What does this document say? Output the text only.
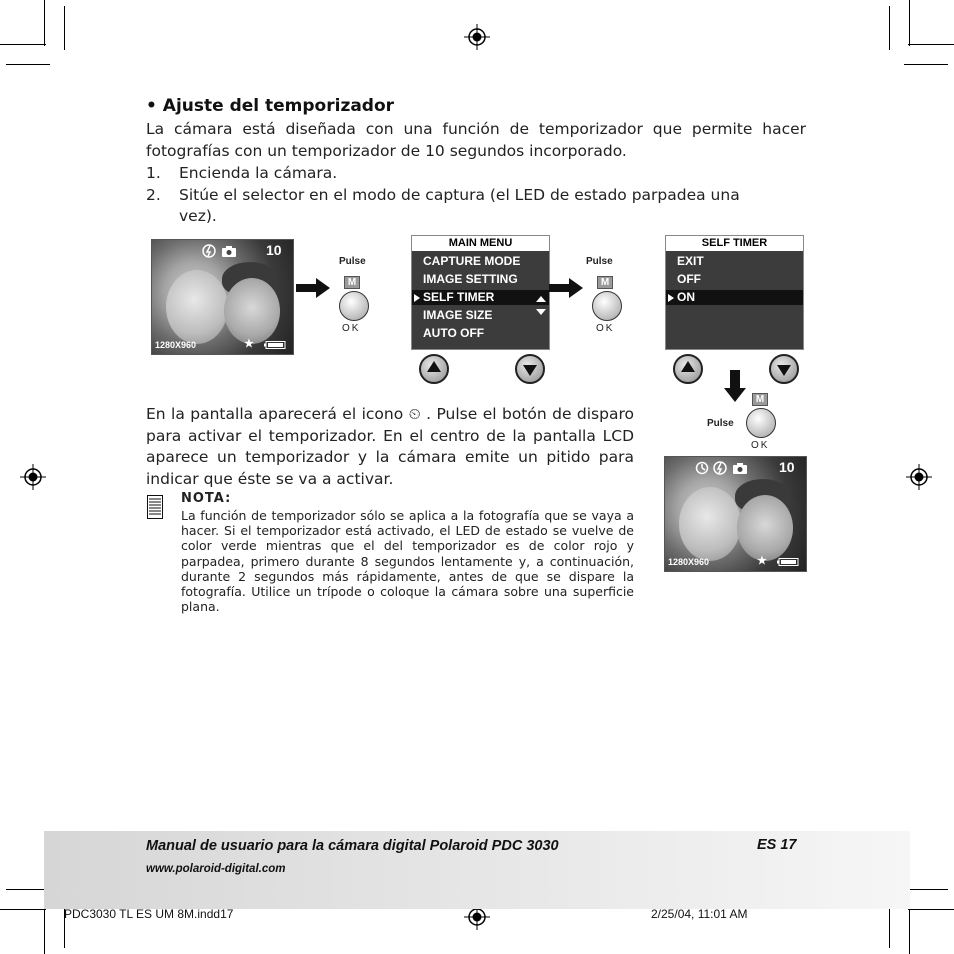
• Ajuste del temporizador
La cámara está diseñada con una función de temporizador que permite hacer fotografías con un temporizador de 10 segundos incorporado.
1. Encienda la cámara.
2. Sitúe el selector en el modo de captura (el LED de estado parpadea una
vez).
10
1280X960	★
Pulse
M
OK
MAIN MENU
CAPTURE MODE
IMAGE SETTING
SELF TIMER
IMAGE SIZE
AUTO OFF
Pulse
M
OK
SELF TIMER
EXIT
OFF
ON
Pulse
M
OK
10
1280X960	★
En la pantalla aparecerá el icono ⏲ . Pulse el botón de disparo para activar el temporizador. En el centro de la pantalla LCD aparece un temporizador y la cámara emite un pitido para indicar que éste se va a activar.
NOTA:
La función de temporizador sólo se aplica a la fotografía que se vaya a hacer. Si el temporizador está activado, el LED de estado se vuelve de color verde mientras que el del temporizador es de color rojo y parpadea, primero durante 8 segundos lentamente y, a continuación, durante 2 segundos más rápidamente, antes de que se dispare la fotografía. Utilice un trípode o coloque la cámara sobre una superficie plana.
Manual de usuario para la cámara digital Polaroid PDC 3030	ES 17
www.polaroid-digital.com
PDC3030 TL ES UM 8M.indd17	2/25/04, 11:01 AM
